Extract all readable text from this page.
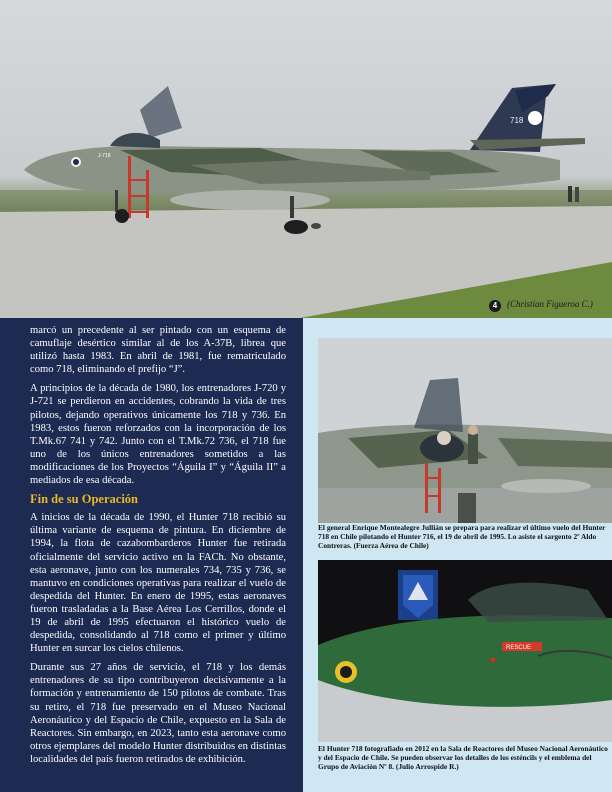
718
J-718
4	(Christian Figueroa C.)

marcó un precedente al ser pintado con un esquema de camuflaje desértico similar al de los A-37B, librea que utilizó hasta 1983. En abril de 1981, fue rematriculado como 718, eliminando el prefijo “J”.

A principios de la década de 1980, los entrenadores J-720 y J-721 se perdieron en accidentes, cobrando la vida de tres pilotos, dejando operativos únicamente los 718 y 736. En 1983, estos fueron reforzados con la incorporación de los T.Mk.67 741 y 742. Junto con el T.Mk.72 736, el 718 fue uno de los únicos entrenadores sometidos a las modificaciones de los Proyectos “Águila I” y “Águila II” a mediados de esa década.

Fin de su Operación

A inicios de la década de 1990, el Hunter 718 recibió su última variante de esquema de pintura. En diciembre de 1994, la flota de cazabombarderos Hunter fue retirada oficialmente del servicio activo en la FACh. No obstante, esta aeronave, junto con los numerales 734, 735 y 736, se mantuvo en condiciones operativas para realizar el vuelo de despedida del Hunter. En enero de 1995, estas aeronaves fueron trasladadas a la Base Aérea Los Cerrillos, donde el 19 de abril de 1995 efectuaron el histórico vuelo de despedida, consolidando al 718 como el primer y último Hunter en surcar los cielos chilenos.

Durante sus 27 años de servicio, el 718 y los demás entrenadores de su tipo contribuyeron decisivamente a la formación y entrenamiento de 150 pilotos de combate. Tras su retiro, el 718 fue preservado en el Museo Nacional Aeronáutico y del Espacio de Chile, expuesto en la Sala de Reactores. Sin embargo, en 2023, tanto esta aeronave como otros ejemplares del modelo Hunter distribuidos en distintas localidades del país fueron retirados de exhibición.

El general Enrique Montealegre Jullián se prepara para realizar el último vuelo del Hunter 718 en Chile pilotando el Hunter 716, el 19 de abril de 1995. Lo asiste el sargento 2º Aldo Contreras. (Fuerza Aérea de Chile)
RESCUE
El Hunter 718 fotografiado en 2012 en la Sala de Reactores del Museo Nacional Aeronáutico y del Espacio de Chile. Se pueden observar los detalles de los esténcils y el emblema del Grupo de Aviación Nº 8. (Julio Arrospide R.)
